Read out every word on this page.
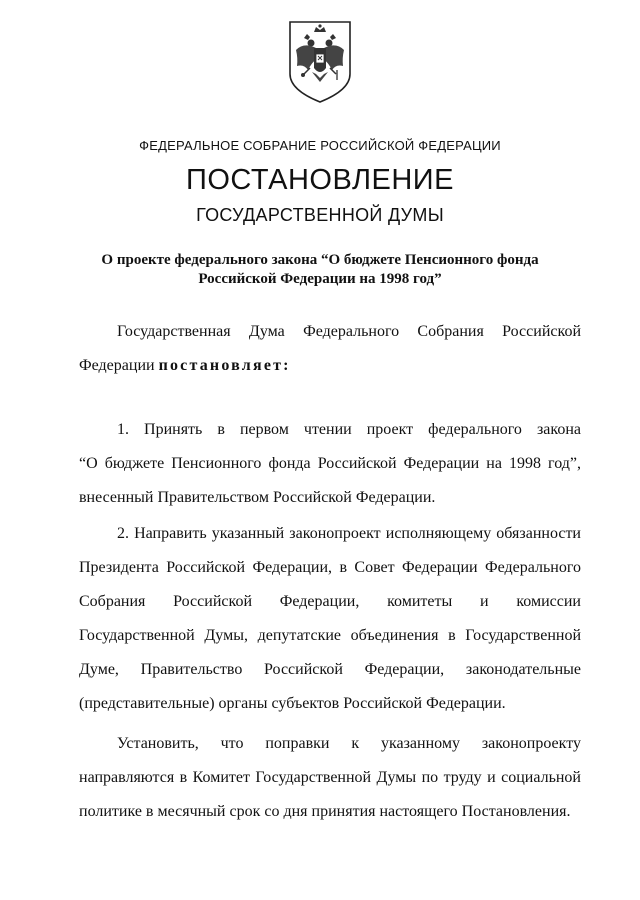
ФЕДЕРАЛЬНОЕ СОБРАНИЕ РОССИЙСКОЙ ФЕДЕРАЦИИ
ПОСТАНОВЛЕНИЕ
ГОСУДАРСТВЕННОЙ ДУМЫ
О проекте федерального закона “О бюджете Пенсионного фонда
Российской Федерации на 1998 год”
Государственная Дума Федерального Собрания Российской
Федерации постановляет:
1. Принять в первом чтении проект федерального закона
“О бюджете Пенсионного фонда Российской Федерации на 1998 год”,
внесенный Правительством Российской Федерации.
2. Направить указанный законопроект исполняющему обязанности
Президента Российской Федерации, в Совет Федерации Федерального
Собрания Российской Федерации, комитеты и комиссии
Государственной Думы, депутатские объединения в Государственной
Думе, Правительство Российской Федерации, законодательные
(представительные) органы субъектов Российской Федерации.
Установить, что поправки к указанному законопроекту
направляются в Комитет Государственной Думы по труду и социальной
политике в месячный срок со дня принятия настоящего Постановления.
